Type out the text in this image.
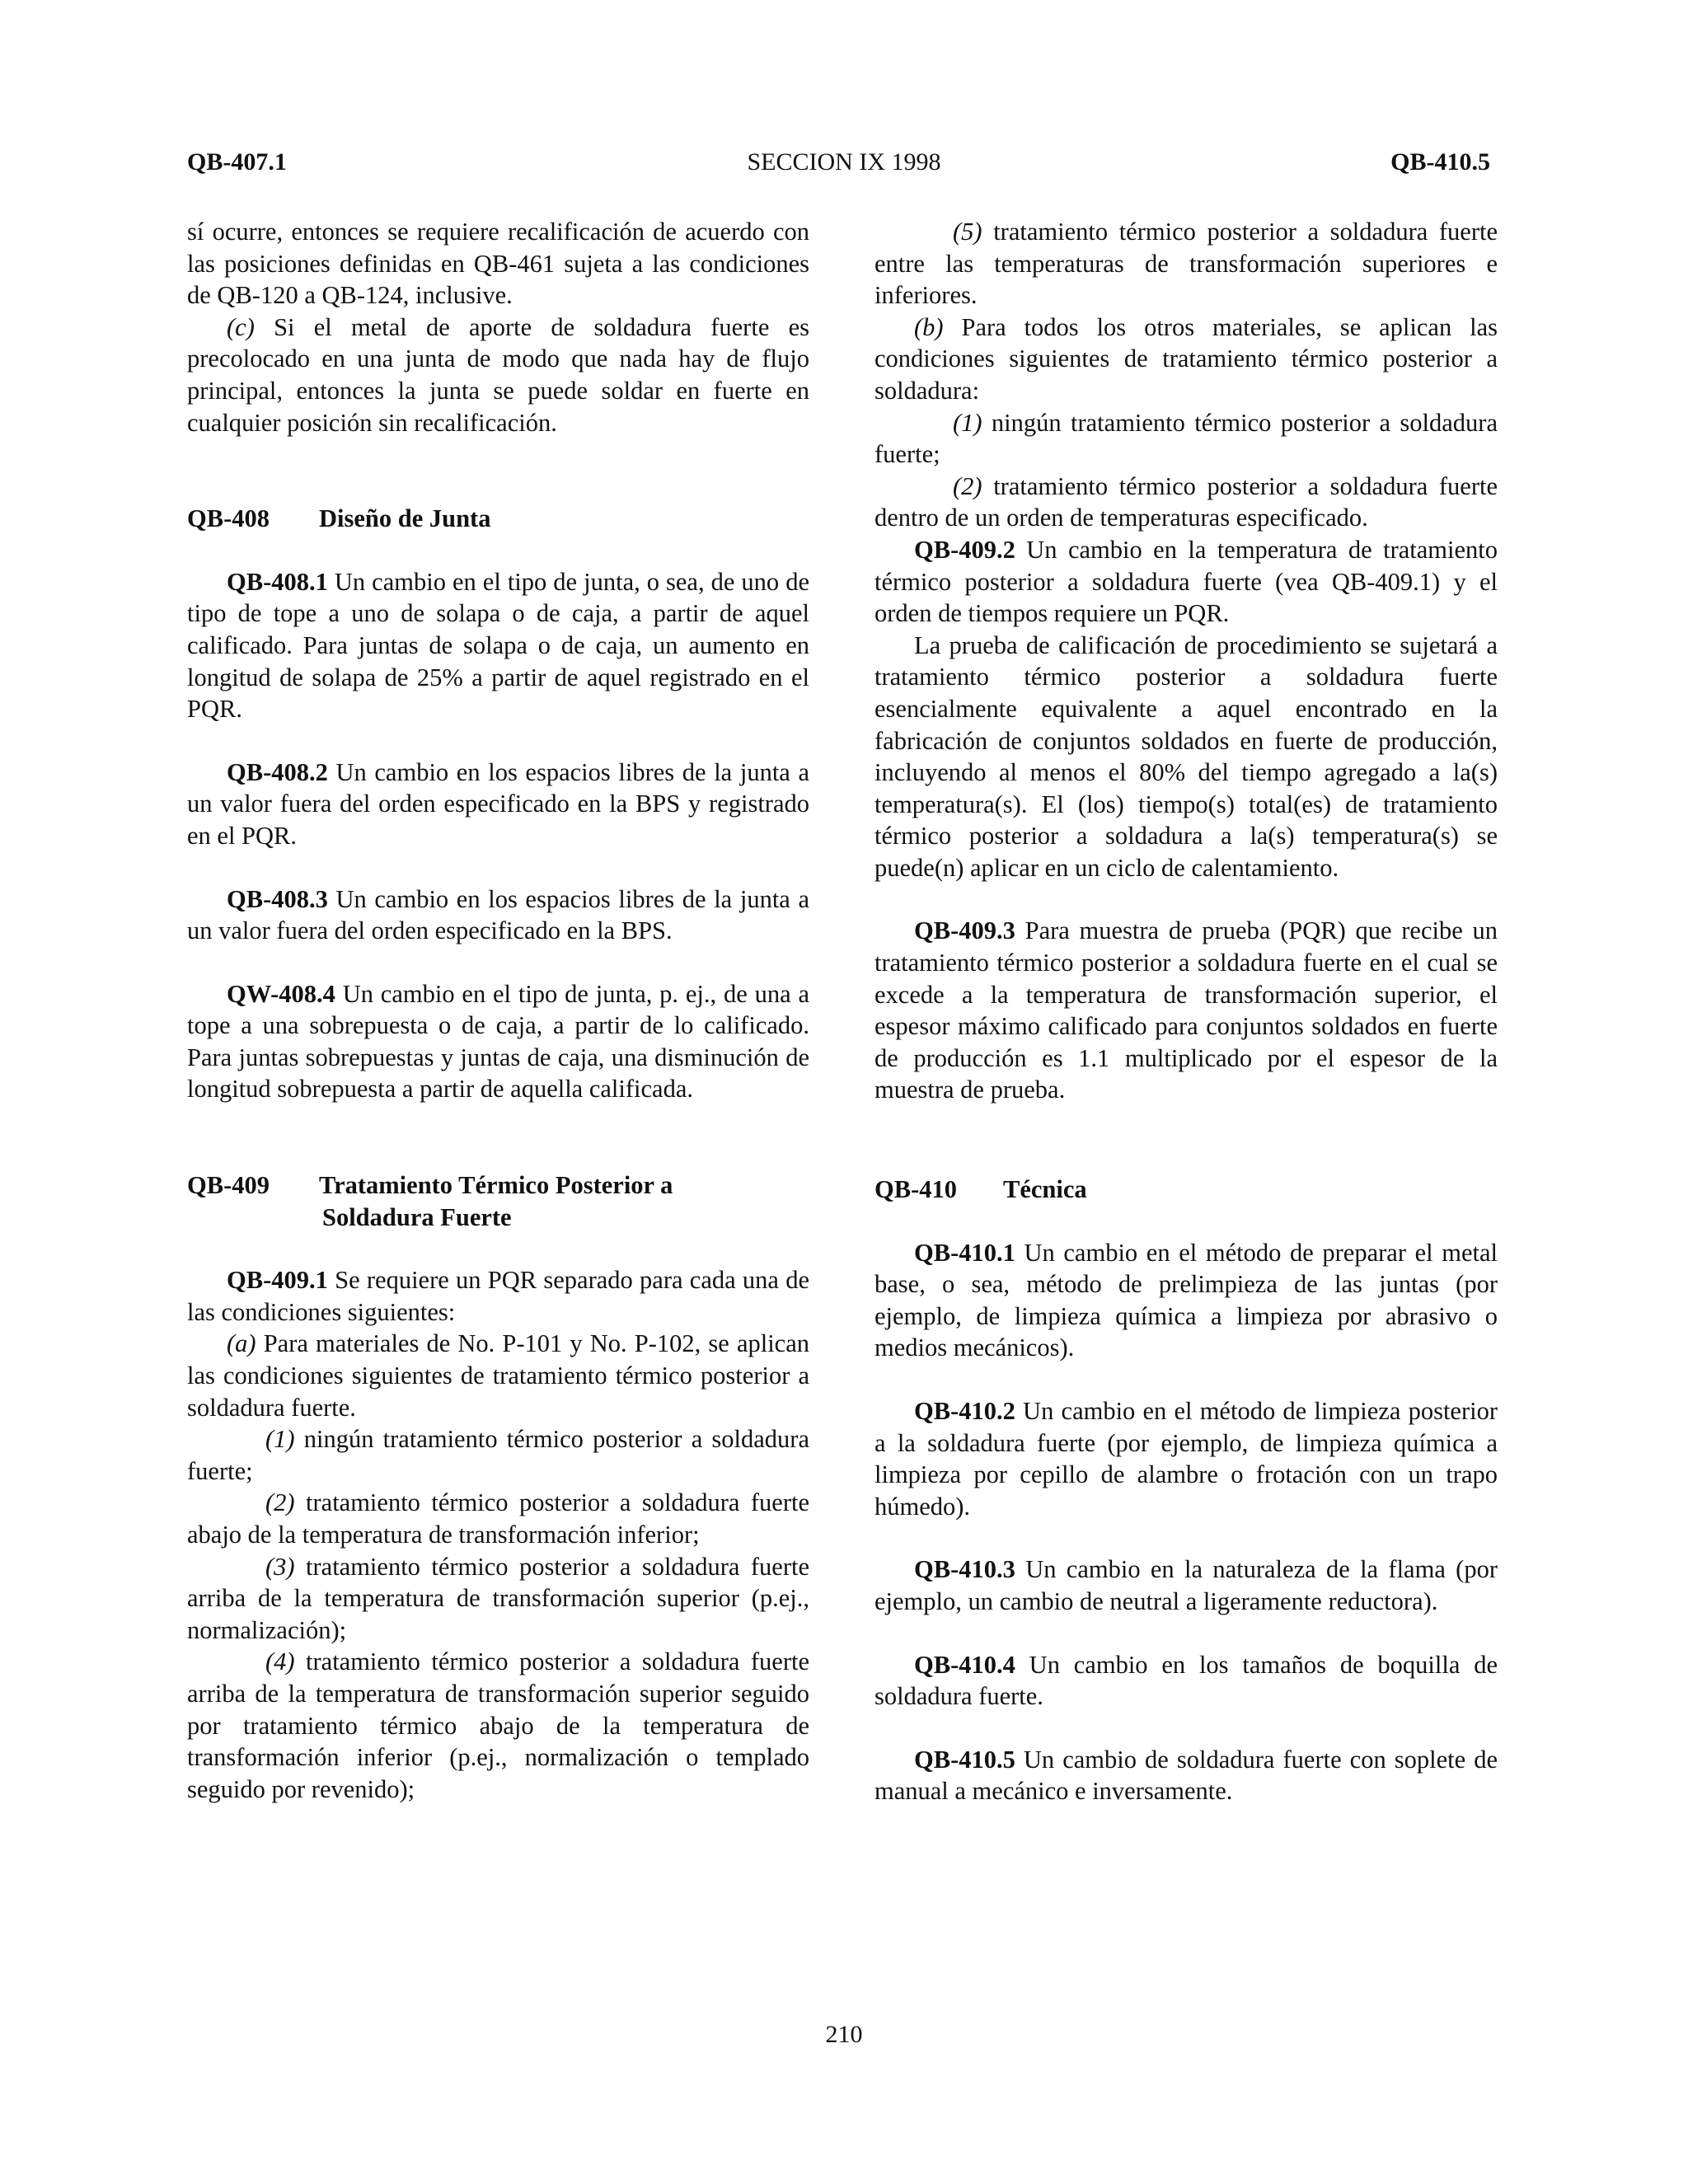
SECCION IX 1998
QB-407.1	QB-410.5

sí ocurre, entonces se requiere recalificación de acuerdo con las posiciones definidas en QB-461 sujeta a las condiciones de QB-120 a QB-124, inclusive.

(c) Si el metal de aporte de soldadura fuerte es precolocado en una junta de modo que nada hay de flujo principal, entonces la junta se puede soldar en fuerte en cualquier posición sin recalificación.

QB-408	Diseño de Junta

QB-408.1 Un cambio en el tipo de junta, o sea, de uno de tipo de tope a uno de solapa o de caja, a partir de aquel calificado. Para juntas de solapa o de caja, un aumento en longitud de solapa de 25% a partir de aquel registrado en el PQR.

QB-408.2 Un cambio en los espacios libres de la junta a un valor fuera del orden especificado en la BPS y registrado en el PQR.

QB-408.3 Un cambio en los espacios libres de la junta a un valor fuera del orden especificado en la BPS.

QW-408.4 Un cambio en el tipo de junta, p. ej., de una a tope a una sobrepuesta o de caja, a partir de lo calificado. Para juntas sobrepuestas y juntas de caja, una disminución de longitud sobrepuesta a partir de aquella calificada.

QB-409	Tratamiento Térmico Posterior a
Soldadura Fuerte

QB-409.1 Se requiere un PQR separado para cada una de las condiciones siguientes:

(a) Para materiales de No. P-101 y No. P-102, se aplican las condiciones siguientes de tratamiento térmico posterior a soldadura fuerte.

(1) ningún tratamiento térmico posterior a soldadura fuerte;

(2) tratamiento térmico posterior a soldadura fuerte abajo de la temperatura de transformación inferior;

(3) tratamiento térmico posterior a soldadura fuerte arriba de la temperatura de transformación superior (p.ej., normalización);

(4) tratamiento térmico posterior a soldadura fuerte arriba de la temperatura de transformación superior seguido por tratamiento térmico abajo de la temperatura de transformación inferior (p.ej., normalización o templado seguido por revenido);

(5) tratamiento térmico posterior a soldadura fuerte entre las temperaturas de transformación superiores e inferiores.

(b) Para todos los otros materiales, se aplican las condiciones siguientes de tratamiento térmico posterior a soldadura:

(1) ningún tratamiento térmico posterior a soldadura fuerte;

(2) tratamiento térmico posterior a soldadura fuerte dentro de un orden de temperaturas especificado.

QB-409.2 Un cambio en la temperatura de tratamiento térmico posterior a soldadura fuerte (vea QB-409.1) y el orden de tiempos requiere un PQR.

La prueba de calificación de procedimiento se sujetará a tratamiento térmico posterior a soldadura fuerte esencialmente equivalente a aquel encontrado en la fabricación de conjuntos soldados en fuerte de producción, incluyendo al menos el 80% del tiempo agregado a la(s) temperatura(s). El (los) tiempo(s) total(es) de tratamiento térmico posterior a soldadura a la(s) temperatura(s) se puede(n) aplicar en un ciclo de calentamiento.

QB-409.3 Para muestra de prueba (PQR) que recibe un tratamiento térmico posterior a soldadura fuerte en el cual se excede a la temperatura de transformación superior, el espesor máximo calificado para conjuntos soldados en fuerte de producción es 1.1 multiplicado por el espesor de la muestra de prueba.

QB-410	Técnica

QB-410.1 Un cambio en el método de preparar el metal base, o sea, método de prelimpieza de las juntas (por ejemplo, de limpieza química a limpieza por abrasivo o medios mecánicos).

QB-410.2 Un cambio en el método de limpieza posterior a la soldadura fuerte (por ejemplo, de limpieza química a limpieza por cepillo de alambre o frotación con un trapo húmedo).

QB-410.3 Un cambio en la naturaleza de la flama (por ejemplo, un cambio de neutral a ligeramente reductora).

QB-410.4 Un cambio en los tamaños de boquilla de soldadura fuerte.

QB-410.5 Un cambio de soldadura fuerte con soplete de manual a mecánico e inversamente.

210
